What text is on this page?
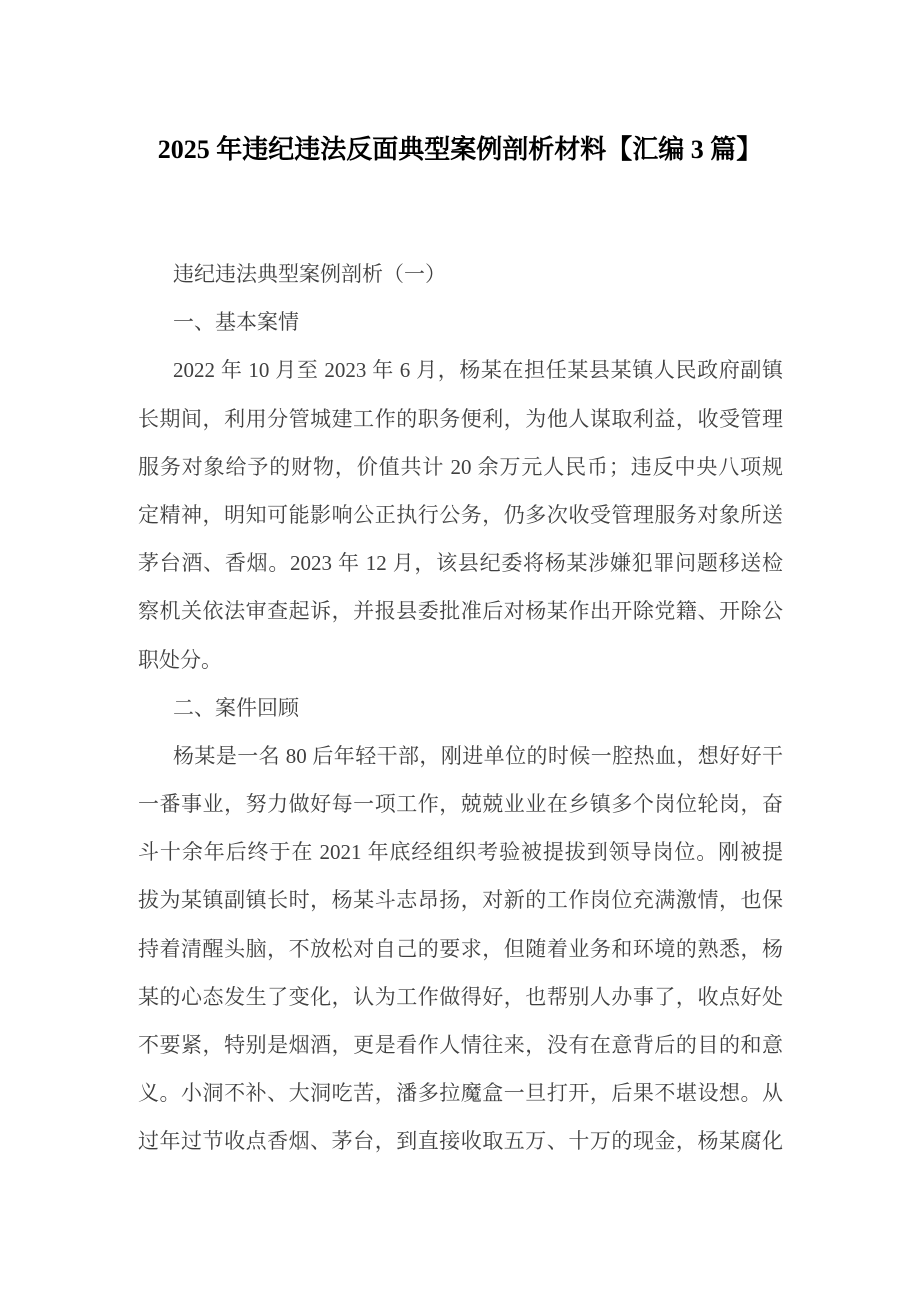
2025 年违纪违法反面典型案例剖析材料【汇编 3 篇】
违纪违法典型案例剖析（一）
一、基本案情
2022 年 10 月至 2023 年 6 月，杨某在担任某县某镇人民政府副镇
长期间，利用分管城建工作的职务便利，为他人谋取利益，收受管理
服务对象给予的财物，价值共计 20 余万元人民币；违反中央八项规
定精神，明知可能影响公正执行公务，仍多次收受管理服务对象所送
茅台酒、香烟。2023 年 12 月，该县纪委将杨某涉嫌犯罪问题移送检
察机关依法审查起诉，并报县委批准后对杨某作出开除党籍、开除公
职处分。
二、案件回顾
杨某是一名 80 后年轻干部，刚进单位的时候一腔热血，想好好干
一番事业，努力做好每一项工作，兢兢业业在乡镇多个岗位轮岗，奋
斗十余年后终于在 2021 年底经组织考验被提拔到领导岗位。刚被提
拔为某镇副镇长时，杨某斗志昂扬，对新的工作岗位充满激情，也保
持着清醒头脑，不放松对自己的要求，但随着业务和环境的熟悉，杨
某的心态发生了变化，认为工作做得好，也帮别人办事了，收点好处
不要紧，特别是烟酒，更是看作人情往来，没有在意背后的目的和意
义。小洞不补、大洞吃苦，潘多拉魔盒一旦打开，后果不堪设想。从
过年过节收点香烟、茅台，到直接收取五万、十万的现金，杨某腐化
